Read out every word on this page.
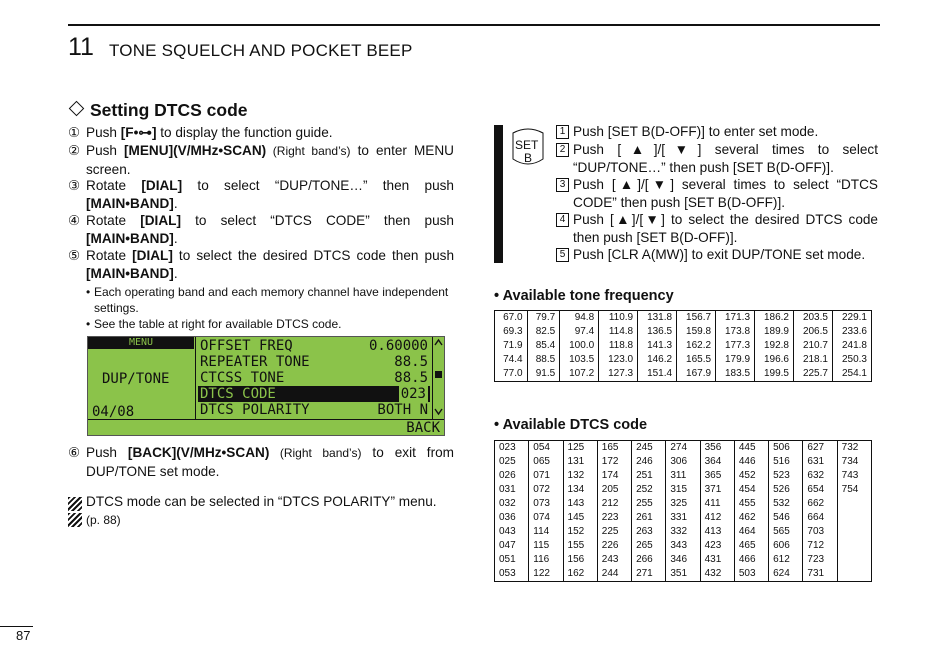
11 TONE SQUELCH AND POCKET BEEP
Setting DTCS code
① Push [F•⊶] to display the function guide.
② Push [MENU](V/MHz•SCAN) (Right band’s) to enter MENU screen.
③ Rotate [DIAL] to select “DUP/TONE…” then push [MAIN•BAND].
④ Rotate [DIAL] to select “DTCS CODE” then push [MAIN•BAND].
⑤ Rotate [DIAL] to select the desired DTCS code then push [MAIN•BAND].
• Each operating band and each memory channel have independent settings.
• See the table at right for available DTCS code.
MENU
DUP/TONE
04/08
OFFSET FREQ	0.60000
REPEATER TONE	88.5
CTCSS TONE	88.5
DTCS CODE	023
DTCS POLARITY	BOTH N
BACK
⑥ Push [BACK](V/MHz•SCAN) (Right band’s) to exit from DUP/TONE set mode.
DTCS mode can be selected in “DTCS POLARITY” menu.
(p. 88)
SET
B
1 Push [SET B(D-OFF)] to enter set mode.
2 Push [▲]/[▼] several times to select “DUP/TONE…” then push [SET B(D-OFF)].
3 Push [▲]/[▼] several times to select “DTCS CODE” then push [SET B(D-OFF)].
4 Push [▲]/[▼] to select the desired DTCS code then push [SET B(D-OFF)].
5 Push [CLR A(MW)] to exit DUP/TONE set mode.
• Available tone frequency
67.0	79.7	94.8	110.9	131.8	156.7	171.3	186.2	203.5	229.1
69.3	82.5	97.4	114.8	136.5	159.8	173.8	189.9	206.5	233.6
71.9	85.4	100.0	118.8	141.3	162.2	177.3	192.8	210.7	241.8
74.4	88.5	103.5	123.0	146.2	165.5	179.9	196.6	218.1	250.3
77.0	91.5	107.2	127.3	151.4	167.9	183.5	199.5	225.7	254.1
• Available DTCS code
023	054	125	165	245	274	356	445	506	627	732
025	065	131	172	246	306	364	446	516	631	734
026	071	132	174	251	311	365	452	523	632	743
031	072	134	205	252	315	371	454	526	654	754
032	073	143	212	255	325	411	455	532	662	
036	074	145	223	261	331	412	462	546	664	
043	114	152	225	263	332	413	464	565	703	
047	115	155	226	265	343	423	465	606	712	
051	116	156	243	266	346	431	466	612	723	
053	122	162	244	271	351	432	503	624	731	
87
